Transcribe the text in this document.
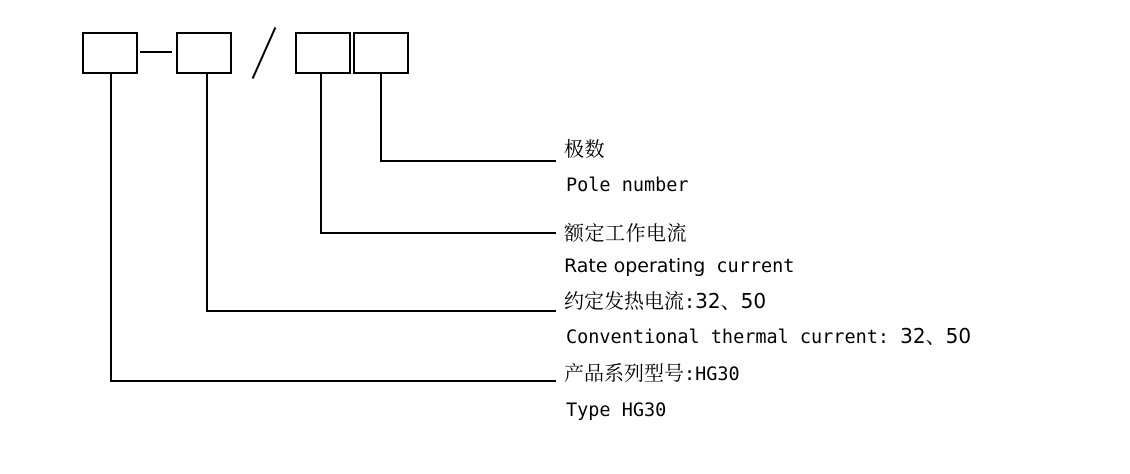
极数
Pole number
额定工作电流
Rate operating current
约定发热电流:32、50
Conventional thermal current: 32、50
产品系列型号:HG30
Type HG30
